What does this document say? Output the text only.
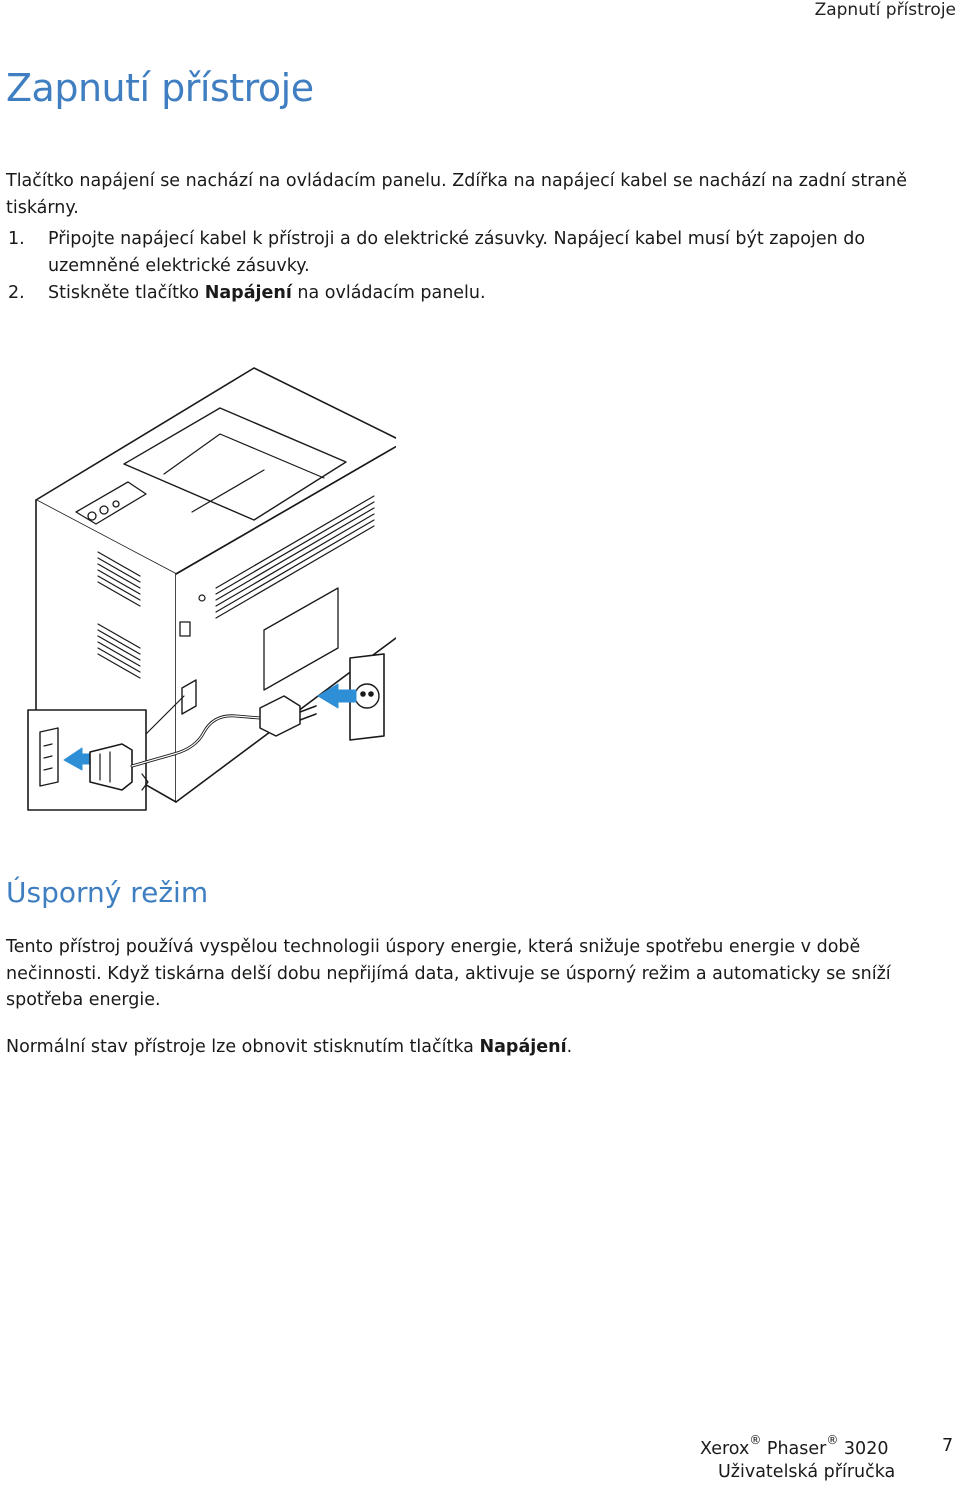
Zapnutí přístroje
Zapnutí přístroje

Tlačítko napájení se nachází na ovládacím panelu. Zdířka na napájecí kabel se nachází na zadní straně tiskárny.

1. Připojte napájecí kabel k přístroji a do elektrické zásuvky. Napájecí kabel musí být zapojen do uzemněné elektrické zásuvky.
2. Stiskněte tlačítko Napájení na ovládacím panelu.
Úsporný režim

Tento přístroj používá vyspělou technologii úspory energie, která snižuje spotřebu energie v době nečinnosti. Když tiskárna delší dobu nepřijímá data, aktivuje se úsporný režim a automaticky se sníží spotřeba energie.

Normální stav přístroje lze obnovit stisknutím tlačítka Napájení.

Xerox® Phaser® 3020
Uživatelská příručka
7
